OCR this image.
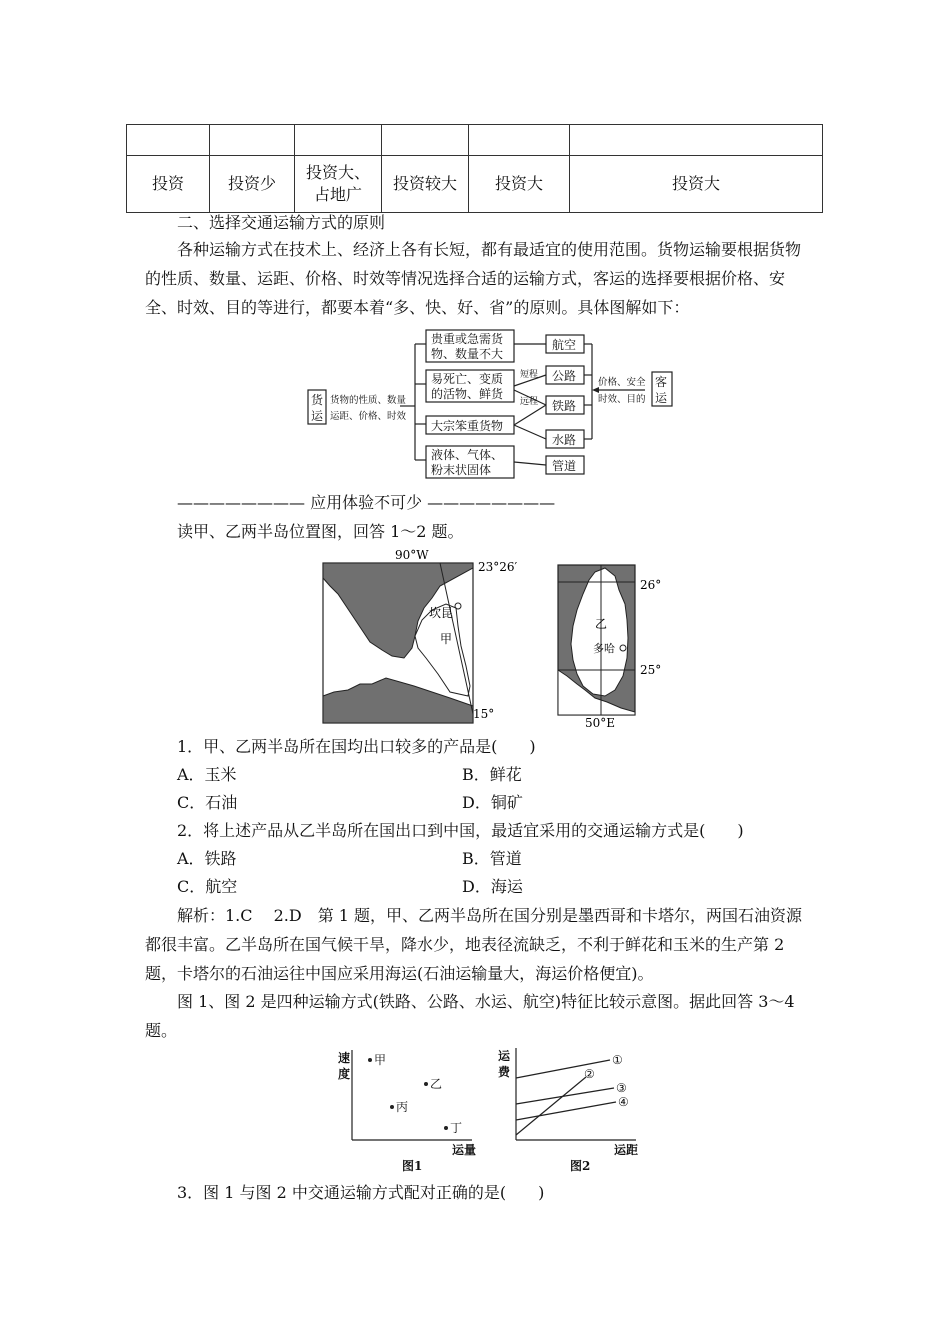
投资	投资少	投资大、占地广	投资较大	投资大	投资大
二、选择交通运输方式的原则
各种运输方式在技术上、经济上各有长短，都有最适宜的使用范围。货物运输要根据货物的性质、数量、运距、价格、时效等情况选择合适的运输方式，客运的选择要根据价格、安全、时效、目的等进行，都要本着“多、快、好、省”的原则。具体图解如下：
货
运
货物的性质、数量
运距、价格、时效
贵重或急需货
物、数量不大
易死亡、变质
的活物、鲜货
大宗笨重货物
液体、气体、
粉末状固体
航空
公路
铁路
水路
管道
短程
远程
价格、安全
时效、目的
客
运
———————— 应用体验不可少 ————————
读甲、乙两半岛位置图，回答 1～2 题。
90°W
23°26′
15°
坎昆
甲
26°
25°
50°E
乙
多哈
1．甲、乙两半岛所在国均出口较多的产品是(　　)
A．玉米	B．鲜花
C．石油	D．铜矿
2．将上述产品从乙半岛所在国出口到中国，最适宜采用的交通运输方式是(　　)
A．铁路	B．管道
C．航空	D．海运
解析：1.C　 2.D　第 1 题，甲、乙两半岛所在国分别是墨西哥和卡塔尔，两国石油资源都很丰富。乙半岛所在国气候干旱，降水少，地表径流缺乏，不利于鲜花和玉米的生产第 2 题，卡塔尔的石油运往中国应采用海运(石油运输量大，海运价格便宜)。
图 1、图 2 是四种运输方式(铁路、公路、水运、航空)特征比较示意图。据此回答 3～4 题。
速
度
甲
乙
丙
丁
运量
图1
运
费
①
②
③
④
运距
图2
3．图 1 与图 2 中交通运输方式配对正确的是(　　)
